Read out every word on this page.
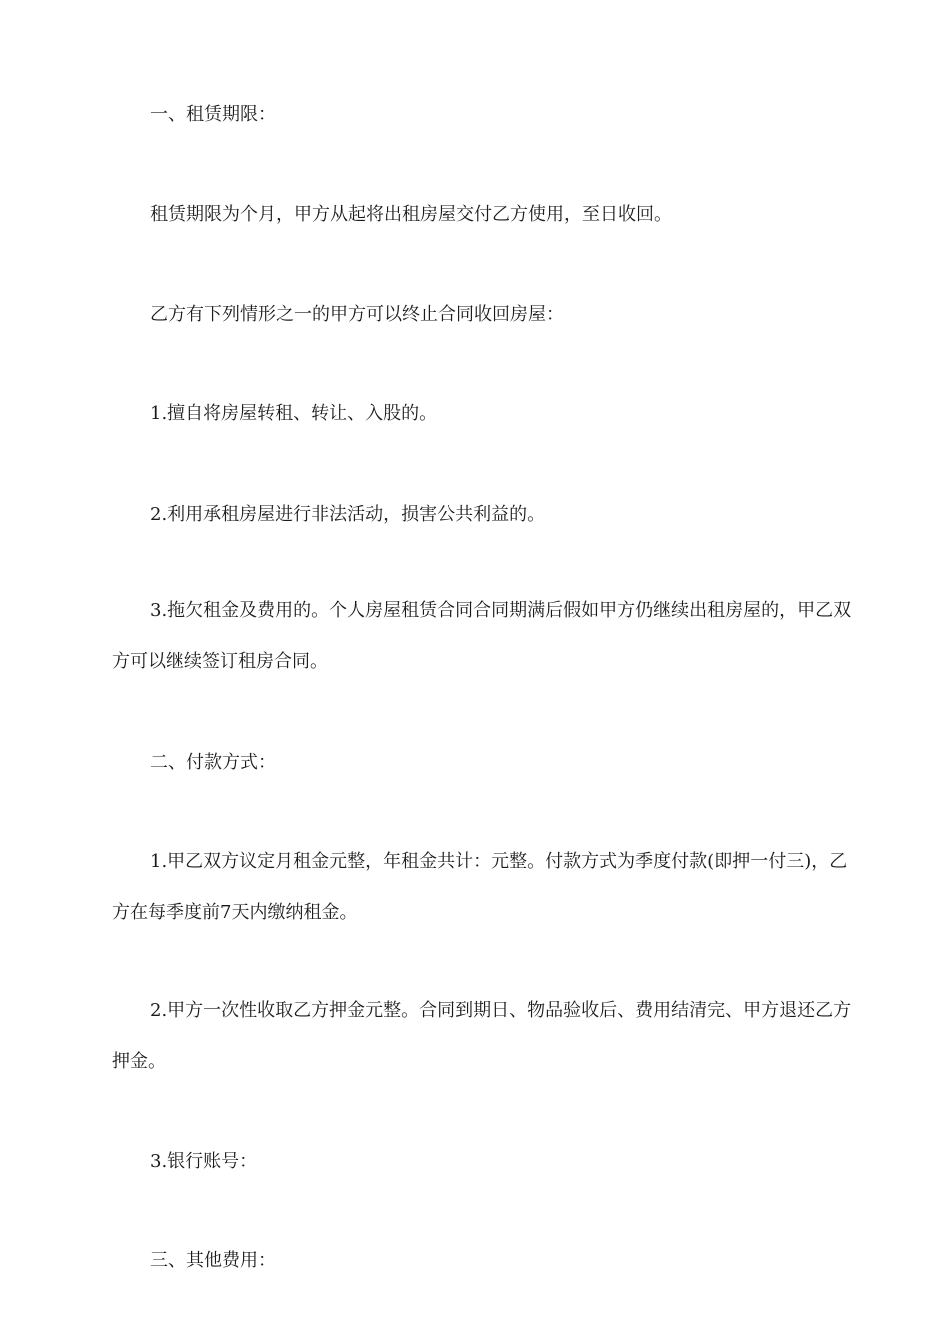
一、租赁期限：

租赁期限为个月，甲方从起将出租房屋交付乙方使用，至日收回。

乙方有下列情形之一的甲方可以终止合同收回房屋：

1.擅自将房屋转租、转让、入股的。

2.利用承租房屋进行非法活动，损害公共利益的。

3.拖欠租金及费用的。个人房屋租赁合同合同期满后假如甲方仍继续出租房屋的，甲乙双方可以继续签订租房合同。

二、付款方式：

1.甲乙双方议定月租金元整，年租金共计：元整。付款方式为季度付款(即押一付三)，乙方在每季度前7天内缴纳租金。

2.甲方一次性收取乙方押金元整。合同到期日、物品验收后、费用结清完、甲方退还乙方押金。

3.银行账号：

三、其他费用：
